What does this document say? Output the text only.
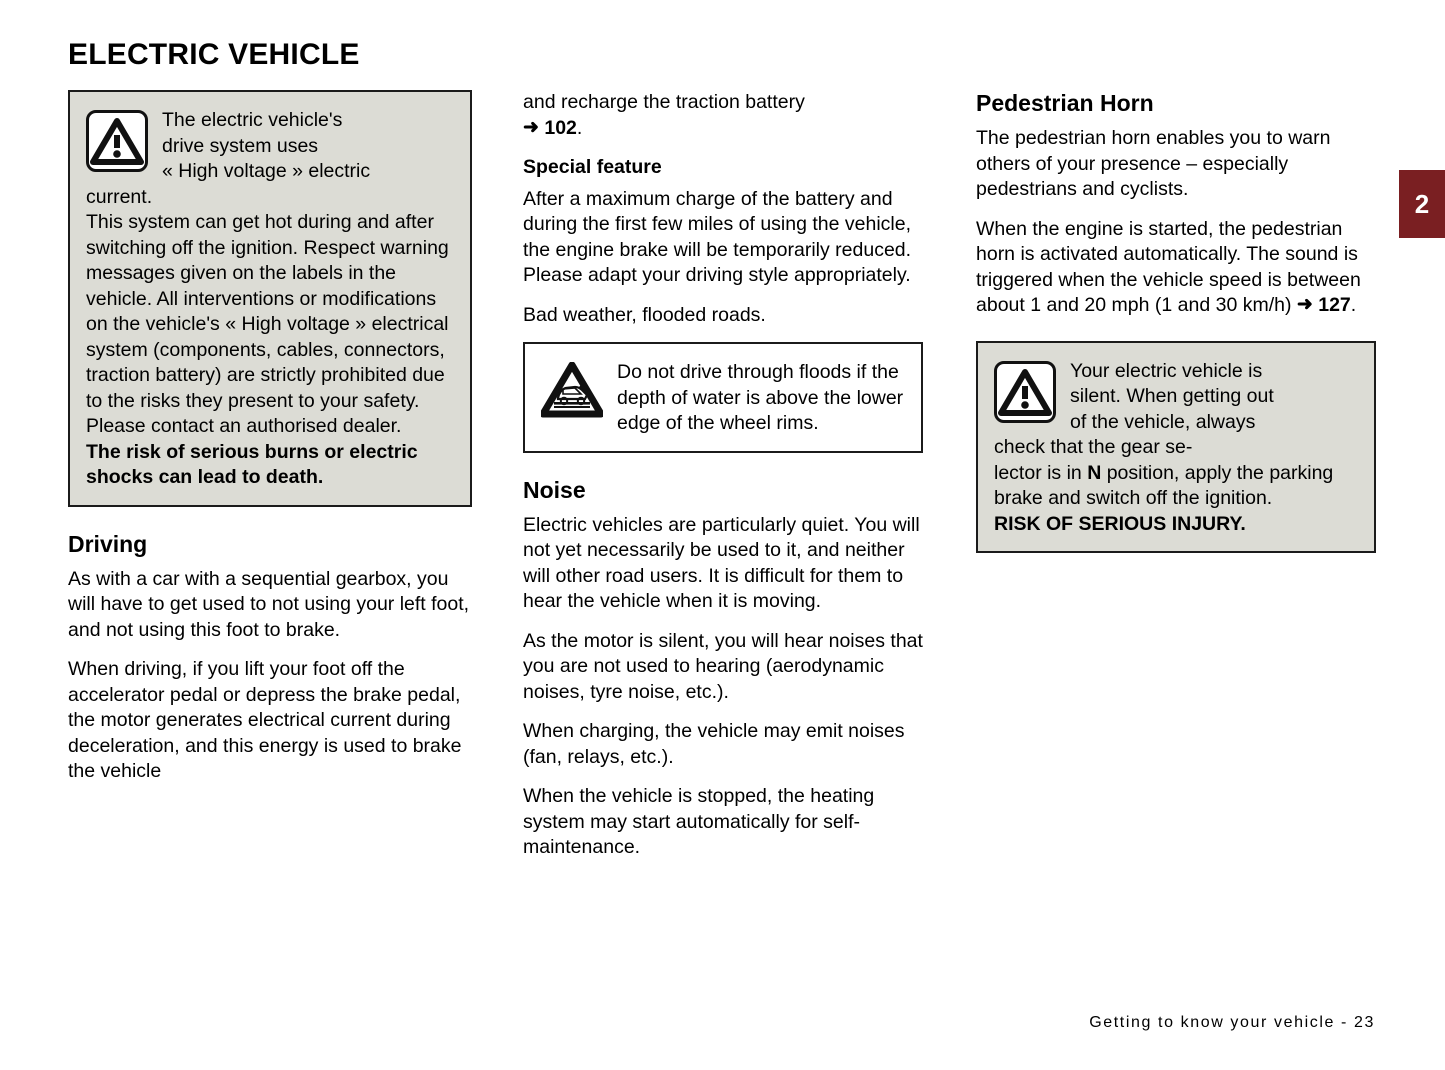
ELECTRIC VEHICLE
2

The electric vehicle's

drive system uses

« High voltage » electric

current.

This system can get hot during and after switching off the ignition. Respect warning messages given on the labels in the vehicle. All interventions or modifications on the vehicle's « High voltage » electrical system (components, cables, connectors, traction battery) are strictly prohibited due to the risks they present to your safety. Please contact an authorised dealer.

The risk of serious burns or electric shocks can lead to death.

Driving

As with a car with a sequential gearbox, you will have to get used to not using your left foot, and not using this foot to brake.

When driving, if you lift your foot off the accelerator pedal or depress the brake pedal, the motor generates electrical current during deceleration, and this energy is used to brake the vehicle

and recharge the traction battery

➜ 102.

Special feature

After a maximum charge of the battery and during the first few miles of using the vehicle, the engine brake will be temporarily reduced. Please adapt your driving style appropriately.

Bad weather, flooded roads.

Do not drive through floods if the depth of water is above the lower edge of the wheel rims.

Noise

Electric vehicles are particularly quiet. You will not yet necessarily be used to it, and neither will other road users. It is difficult for them to hear the vehicle when it is moving.

As the motor is silent, you will hear noises that you are not used to hearing (aerodynamic noises, tyre noise, etc.).

When charging, the vehicle may emit noises (fan, relays, etc.).

When the vehicle is stopped, the heating system may start automatically for self-maintenance.

Pedestrian Horn

The pedestrian horn enables you to warn others of your presence – especially pedestrians and cyclists.

When the engine is started, the pedestrian horn is activated automatically. The sound is triggered when the vehicle speed is between about 1 and 20 mph (1 and 30 km/h) ➜ 127.

Your electric vehicle is

silent. When getting out

of the vehicle, always

check that the gear se-

lector is in N position, apply the parking brake and switch off the ignition.

RISK OF SERIOUS INJURY.

Getting to know your vehicle - 23
